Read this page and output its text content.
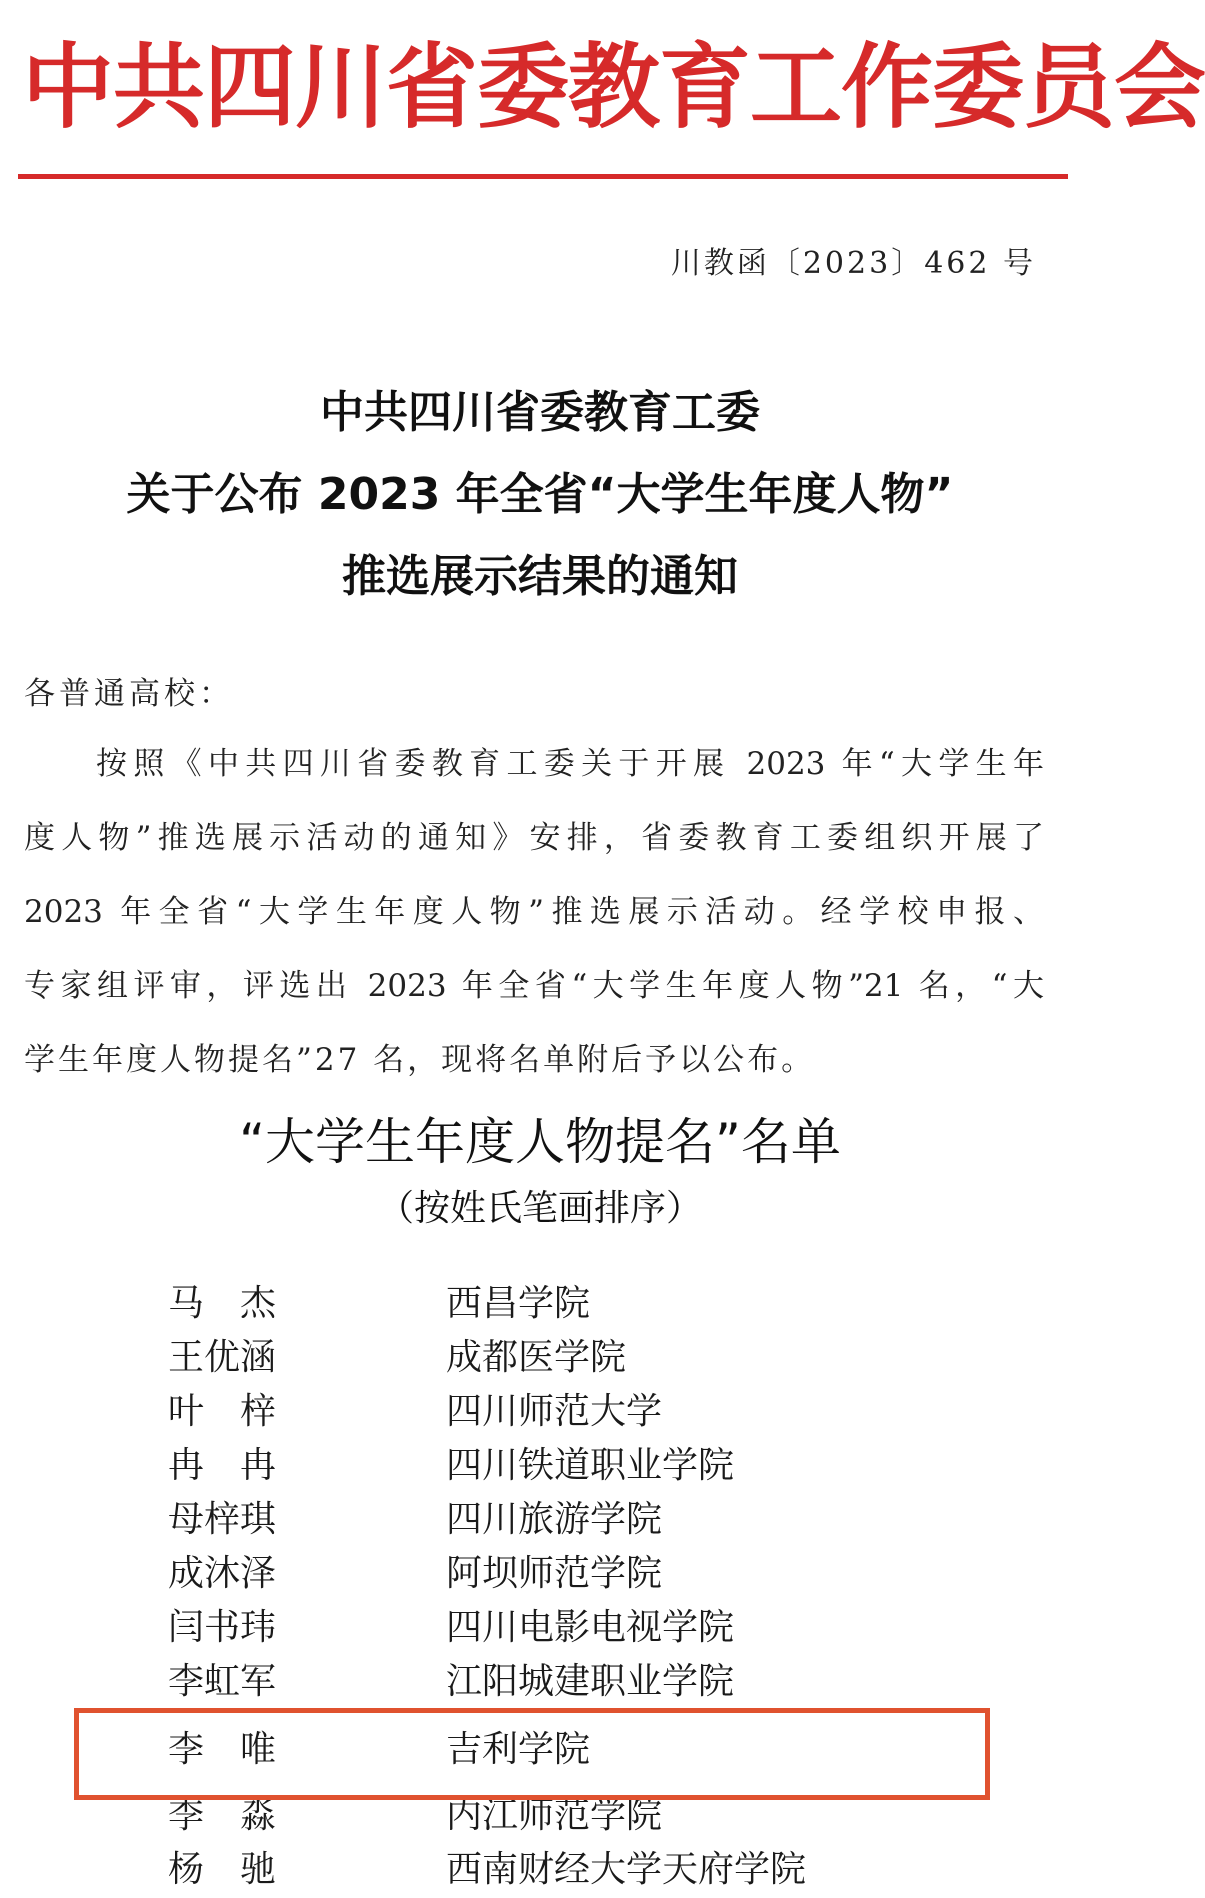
中共四川省委教育工作委员会
川教函〔2023〕462 号
中共四川省委教育工委
关于公布 2023 年全省“大学生年度人物”
推选展示结果的通知
各普通高校：
按照《中共四川省委教育工委关于开展 2023 年“大学生年
度人物”推选展示活动的通知》安排，省委教育工委组织开展了
2023 年全省“大学生年度人物”推选展示活动。经学校申报、
专家组评审，评选出 2023 年全省“大学生年度人物”21 名，“大
学生年度人物提名”27 名，现将名单附后予以公布。
“大学生年度人物提名”名单
（按姓氏笔画排序）
马　杰	西昌学院
王优涵	成都医学院
叶　梓	四川师范大学
冉　冉	四川铁道职业学院
母梓琪	四川旅游学院
成沐泽	阿坝师范学院
闫书玮	四川电影电视学院
李虹军	江阳城建职业学院
李　唯	吉利学院
李　淼	内江师范学院
杨　驰	西南财经大学天府学院
